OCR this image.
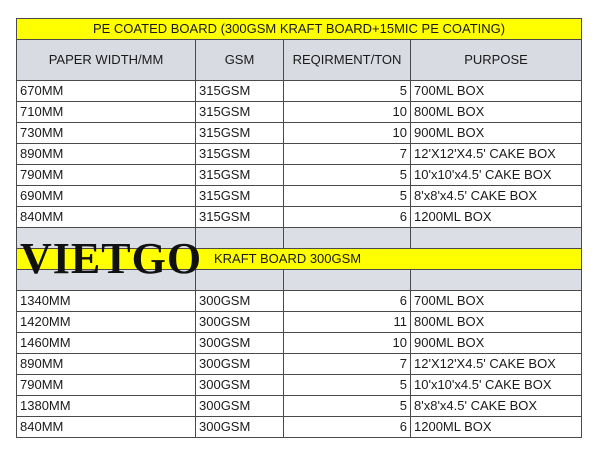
PE COATED BOARD (300GSM KRAFT BOARD+15MIC PE COATING)			
PAPER WIDTH/MM	GSM	REQIRMENT/TON	PURPOSE
670MM	315GSM	5	700ML BOX
710MM	315GSM	10	800ML BOX
730MM	315GSM	10	900ML BOX
890MM	315GSM	7	12'X12'X4.5' CAKE BOX
790MM	315GSM	5	10'x10'x4.5' CAKE BOX
690MM	315GSM	5	8'x8'x4.5' CAKE BOX
840MM	315GSM	6	1200ML BOX

KRAFT BOARD 300GSM			

1340MM	300GSM	6	700ML BOX
1420MM	300GSM	11	800ML BOX
1460MM	300GSM	10	900ML BOX
890MM	300GSM	7	12'X12'X4.5' CAKE BOX
790MM	300GSM	5	10'x10'x4.5' CAKE BOX
1380MM	300GSM	5	8'x8'x4.5' CAKE BOX
840MM	300GSM	6	1200ML BOX
VIETGO
